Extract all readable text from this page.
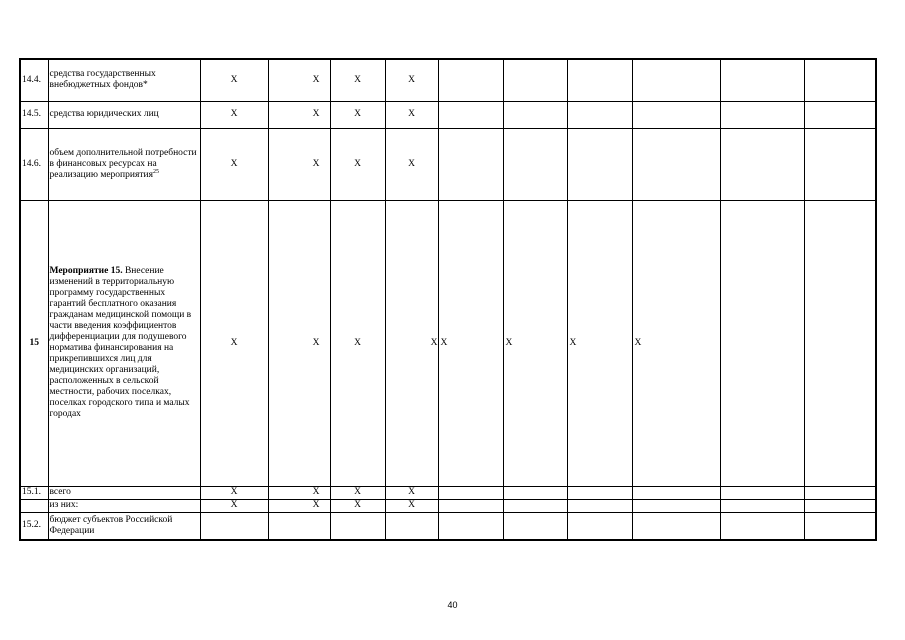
14.4.	средства государственных внебюджетных фондов*	Х	Х	Х	Х						
14.5.	средства юридических лиц	Х	Х	Х	Х						
14.6.	объем дополнительной потребности в финансовых ресурсах на реализацию мероприятия$^{25}$	Х	Х	Х	Х						
15	Мероприятие 15. Внесение изменений в территориальную программу государственных гарантий бесплатного оказания гражданам медицинской помощи в части введения коэффициентов дифференциации для подушевого норматива финансирования на прикрепившихся лиц для медицинских организаций, расположенных в сельской местности, рабочих поселках, поселках городского типа и малых городах	Х	Х	Х	Х	Х	Х	Х	Х		
15.1.	всего	Х	Х	Х	Х						
	из них:	Х	Х	Х	Х						
15.2.	бюджет субъектов Российской Федерации										
40
